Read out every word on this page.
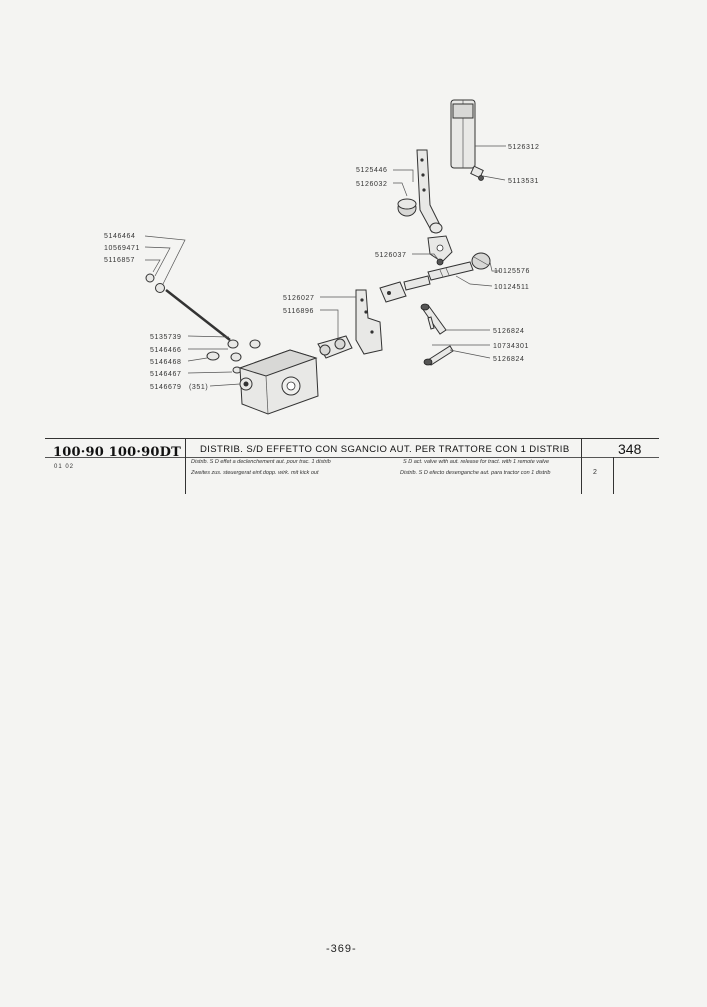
5126312
5113531
5125446
5126032
5126037
10125576
10124511
5146464
10569471
5116857
5126027
5116896
5126824
10734301
5126824
5135739
5146466
5146468
5146467
5146679 (351)
100·90 100·90DT
01 02
DISTRIB. S/D EFFETTO CON SGANCIO AUT. PER TRATTORE CON 1 DISTRIB
Distrib. S D effet a declenchement aut. pour trac. 1 distrib	S D act. valve with aut. release for tract. with 1 remote valve
Zweites zus. steuergerat einf.dopp. wirk. mit kick out	Distrib. S D efecto desenganche aut. para tractor con 1 distrib
348
2
-369-
